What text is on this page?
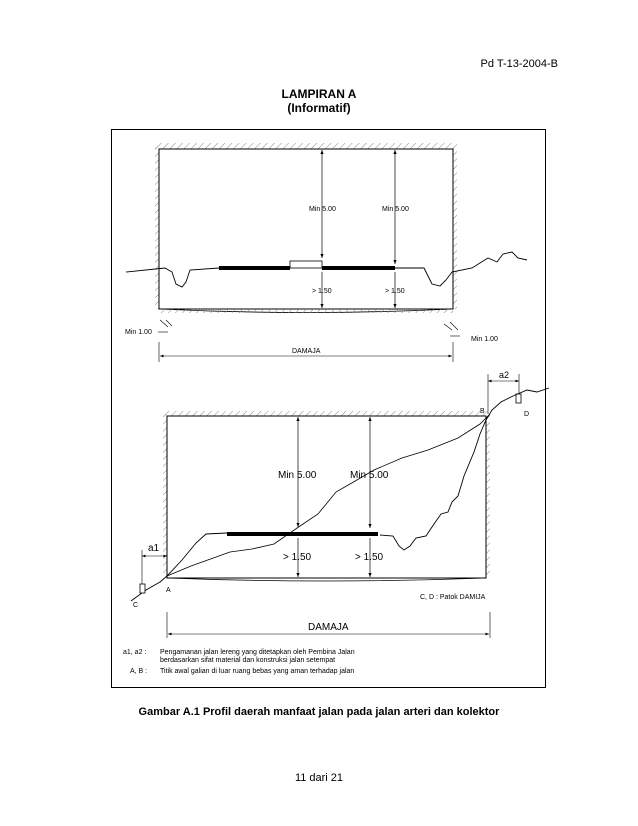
Pd T-13-2004-B
LAMPIRAN A
(Informatif)
Min 5.00	Min 5.00
> 1.50	> 1.50
Min 1.00
Min 1.00
DAMAJA
a2
D
Min 5.00	Min 5.00
> 1.50	> 1.50
a1
A
C
C, D : Patok DAMIJA
DAMAJA
a1, a2 : Pengamanan jalan lereng yang ditetapkan oleh Pembina Jalan
berdasarkan sifat material dan konstruksi jalan setempat
A, B : Titik awal galian di luar ruang bebas yang aman terhadap jalan
Gambar A.1 Profil daerah manfaat jalan pada jalan arteri dan kolektor
11 dari 21
